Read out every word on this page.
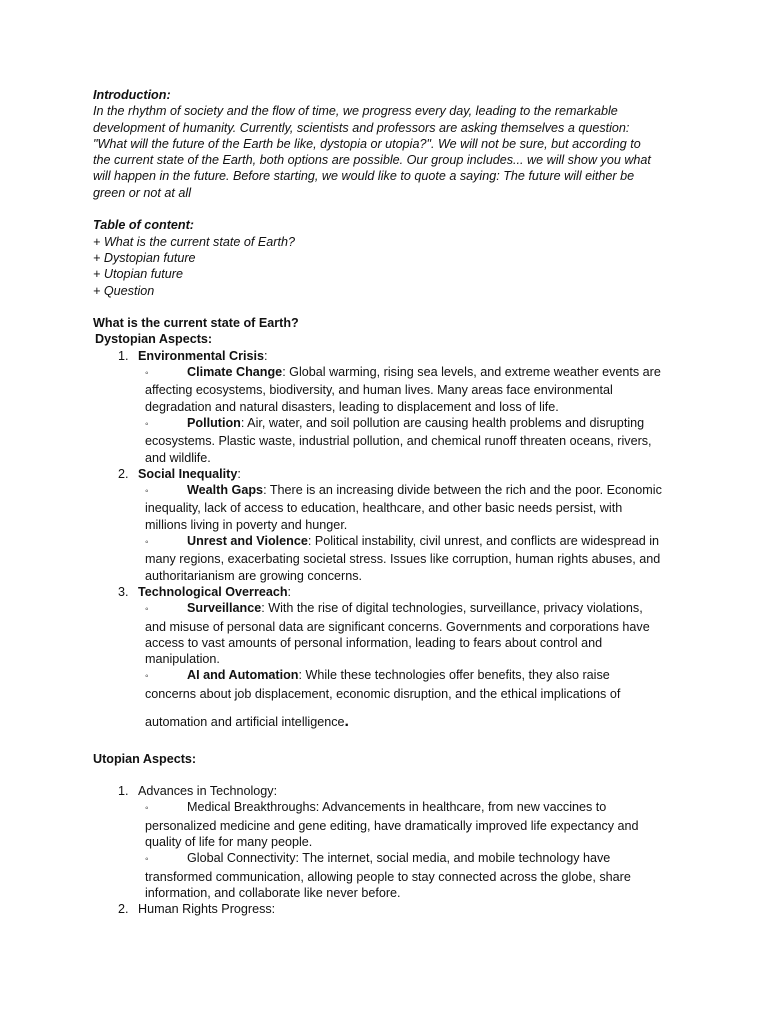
Introduction:

In the rhythm of society and the flow of time, we progress every day, leading to the remarkable

development of humanity. Currently, scientists and professors are asking themselves a question:

"What will the future of the Earth be like, dystopia or utopia?". We will not be sure, but according to

the current state of the Earth, both options are possible. Our group includes... we will show you what

will happen in the future. Before starting, we would like to quote a saying: The future will either be

green or not at all

Table of content:

+ What is the current state of Earth?

+ Dystopian future

+ Utopian future

+ Question

What is the current state of Earth?

Dystopian Aspects:

1. Environmental Crisis:

◦	Climate Change: Global warming, rising sea levels, and extreme weather events are

affecting ecosystems, biodiversity, and human lives. Many areas face environmental

degradation and natural disasters, leading to displacement and loss of life.

◦	Pollution: Air, water, and soil pollution are causing health problems and disrupting

ecosystems. Plastic waste, industrial pollution, and chemical runoff threaten oceans, rivers,

and wildlife.

2. Social Inequality:

◦	Wealth Gaps: There is an increasing divide between the rich and the poor. Economic

inequality, lack of access to education, healthcare, and other basic needs persist, with

millions living in poverty and hunger.

◦	Unrest and Violence: Political instability, civil unrest, and conflicts are widespread in

many regions, exacerbating societal stress. Issues like corruption, human rights abuses, and

authoritarianism are growing concerns.

3. Technological Overreach:

◦	Surveillance: With the rise of digital technologies, surveillance, privacy violations,

and misuse of personal data are significant concerns. Governments and corporations have

access to vast amounts of personal information, leading to fears about control and

manipulation.

◦	AI and Automation: While these technologies offer benefits, they also raise

concerns about job displacement, economic disruption, and the ethical implications of

automation and artificial intelligence.

Utopian Aspects:

1. Advances in Technology:

◦	Medical Breakthroughs: Advancements in healthcare, from new vaccines to

personalized medicine and gene editing, have dramatically improved life expectancy and

quality of life for many people.

◦	Global Connectivity: The internet, social media, and mobile technology have

transformed communication, allowing people to stay connected across the globe, share

information, and collaborate like never before.

2. Human Rights Progress:
